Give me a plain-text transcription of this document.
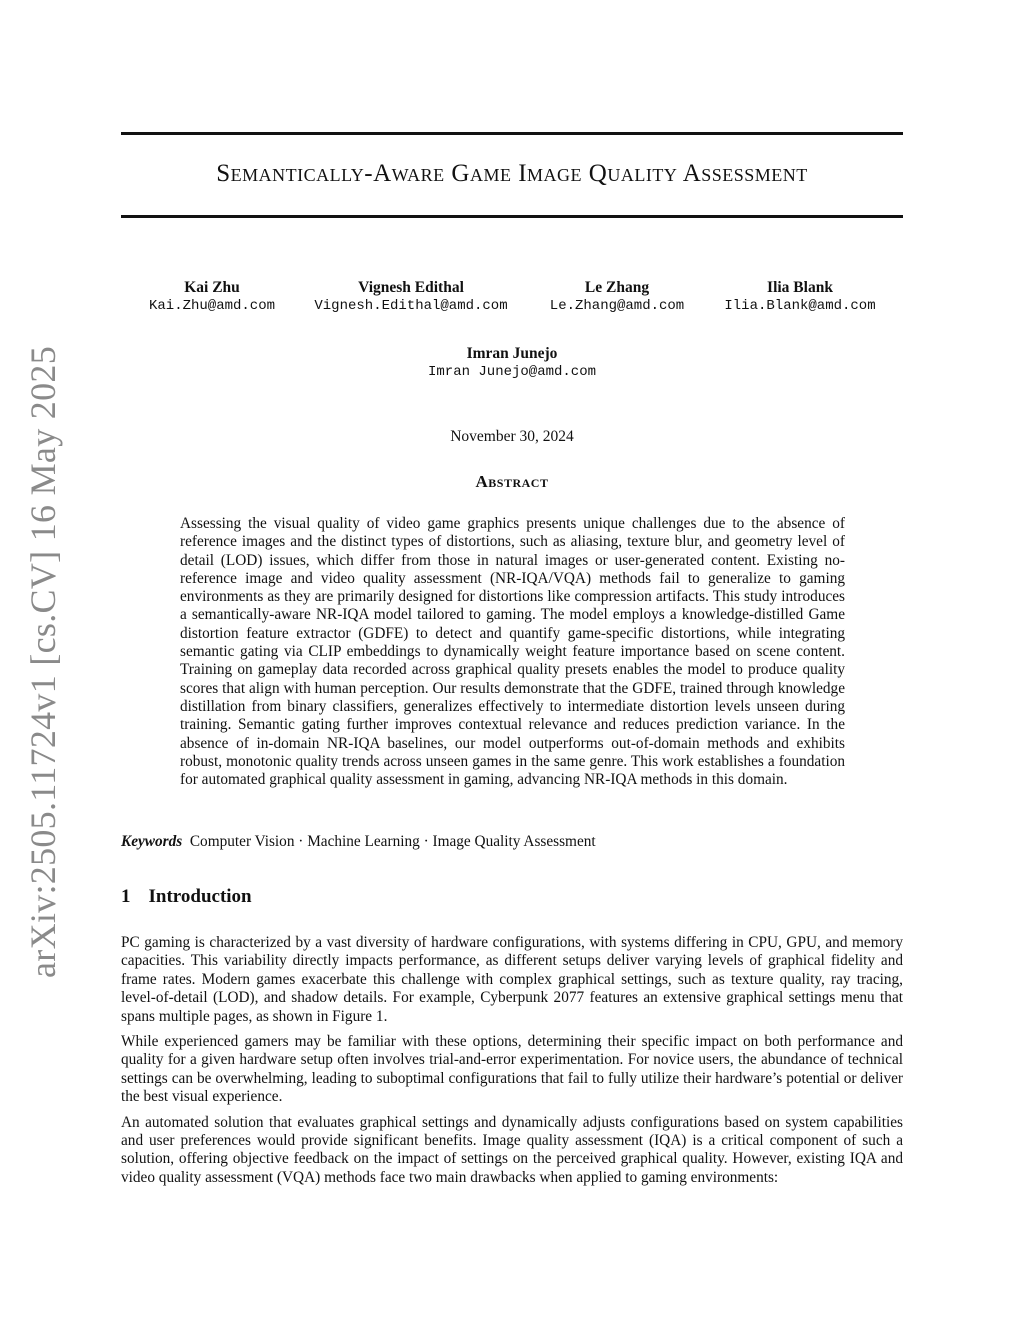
arXiv:2505.11724v1 [cs.CV] 16 May 2025
Semantically-Aware Game Image Quality Assessment
Kai Zhu
Kai.Zhu@amd.com
Vignesh Edithal
Vignesh.Edithal@amd.com
Le Zhang
Le.Zhang@amd.com
Ilia Blank
Ilia.Blank@amd.com
Imran Junejo
Imran Junejo@amd.com
November 30, 2024
Abstract

Assessing the visual quality of video game graphics presents unique challenges due to the absence of reference images and the distinct types of distortions, such as aliasing, texture blur, and geometry level of detail (LOD) issues, which differ from those in natural images or user-generated content. Existing no-reference image and video quality assessment (NR-IQA/VQA) methods fail to generalize to gaming environments as they are primarily designed for distortions like compression artifacts. This study introduces a semantically-aware NR-IQA model tailored to gaming. The model employs a knowledge-distilled Game distortion feature extractor (GDFE) to detect and quantify game-specific distortions, while integrating semantic gating via CLIP embeddings to dynamically weight feature importance based on scene content. Training on gameplay data recorded across graphical quality presets enables the model to produce quality scores that align with human perception. Our results demonstrate that the GDFE, trained through knowledge distillation from binary classifiers, generalizes effectively to intermediate distortion levels unseen during training. Semantic gating further improves contextual relevance and reduces prediction variance. In the absence of in-domain NR-IQA baselines, our model outperforms out-of-domain methods and exhibits robust, monotonic quality trends across unseen games in the same genre. This work establishes a foundation for automated graphical quality assessment in gaming, advancing NR-IQA methods in this domain.

Keywords Computer Vision · Machine Learning · Image Quality Assessment
1 Introduction

PC gaming is characterized by a vast diversity of hardware configurations, with systems differing in CPU, GPU, and memory capacities. This variability directly impacts performance, as different setups deliver varying levels of graphical fidelity and frame rates. Modern games exacerbate this challenge with complex graphical settings, such as texture quality, ray tracing, level-of-detail (LOD), and shadow details. For example, Cyberpunk 2077 features an extensive graphical settings menu that spans multiple pages, as shown in Figure 1.

While experienced gamers may be familiar with these options, determining their specific impact on both performance and quality for a given hardware setup often involves trial-and-error experimentation. For novice users, the abundance of technical settings can be overwhelming, leading to suboptimal configurations that fail to fully utilize their hardware’s potential or deliver the best visual experience.

An automated solution that evaluates graphical settings and dynamically adjusts configurations based on system capabilities and user preferences would provide significant benefits. Image quality assessment (IQA) is a critical component of such a solution, offering objective feedback on the impact of settings on the perceived graphical quality. However, existing IQA and video quality assessment (VQA) methods face two main drawbacks when applied to gaming environments:
